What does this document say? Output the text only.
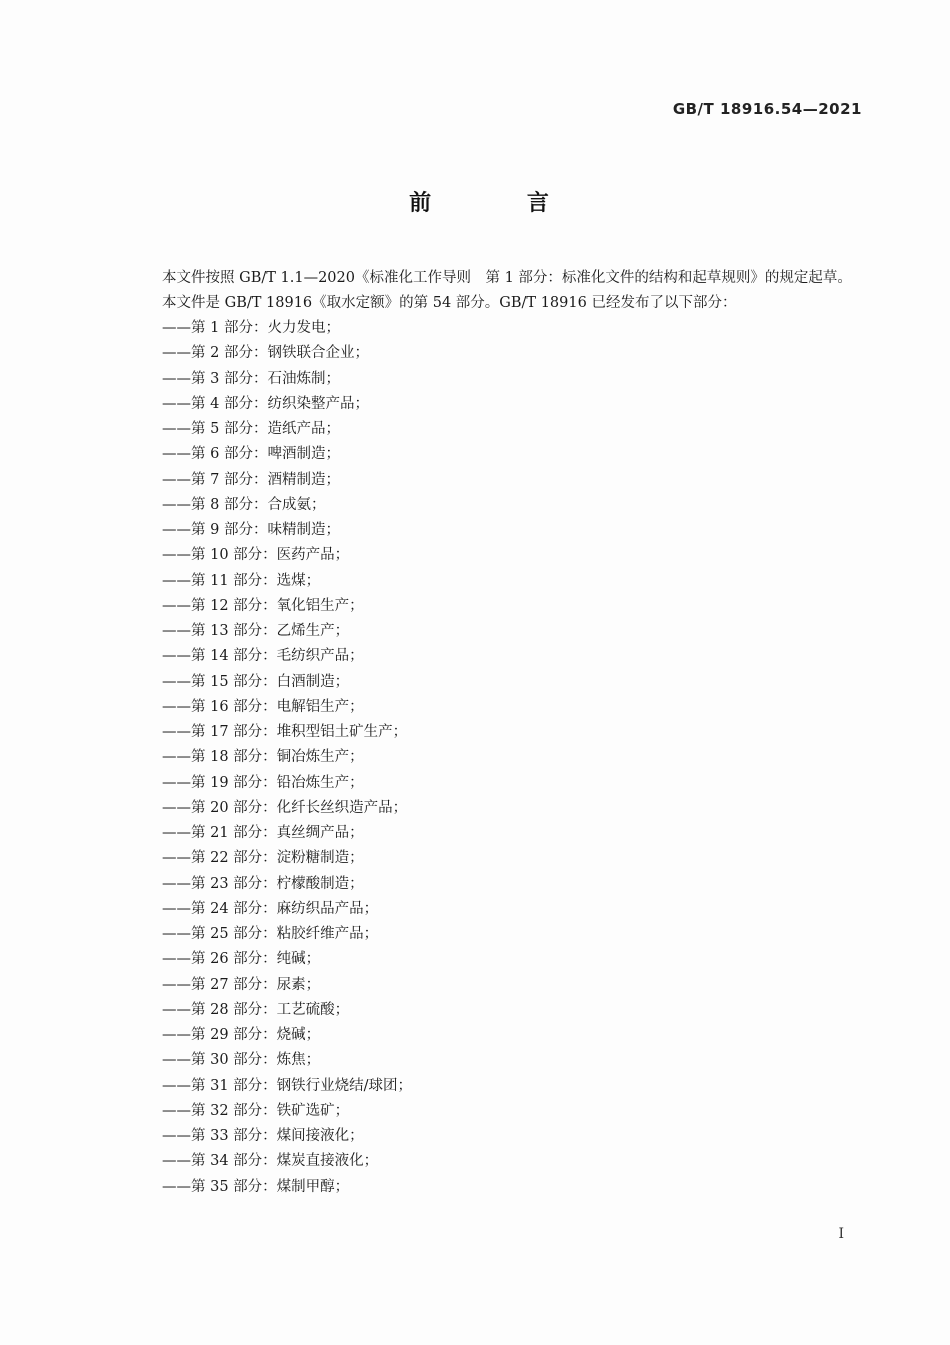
GB/T 18916.54—2021
前 言

本文件按照 GB/T 1.1—2020《标准化工作导则　第 1 部分：标准化文件的结构和起草规则》的规定起草。

本文件是 GB/T 18916《取水定额》的第 54 部分。GB/T 18916 已经发布了以下部分：

——第 1 部分：火力发电；
——第 2 部分：钢铁联合企业；
——第 3 部分：石油炼制；
——第 4 部分：纺织染整产品；
——第 5 部分：造纸产品；
——第 6 部分：啤酒制造；
——第 7 部分：酒精制造；
——第 8 部分：合成氨；
——第 9 部分：味精制造；
——第 10 部分：医药产品；
——第 11 部分：选煤；
——第 12 部分：氧化铝生产；
——第 13 部分：乙烯生产；
——第 14 部分：毛纺织产品；
——第 15 部分：白酒制造；
——第 16 部分：电解铝生产；
——第 17 部分：堆积型铝土矿生产；
——第 18 部分：铜冶炼生产；
——第 19 部分：铅冶炼生产；
——第 20 部分：化纤长丝织造产品；
——第 21 部分：真丝绸产品；
——第 22 部分：淀粉糖制造；
——第 23 部分：柠檬酸制造；
——第 24 部分：麻纺织品产品；
——第 25 部分：粘胶纤维产品；
——第 26 部分：纯碱；
——第 27 部分：尿素；
——第 28 部分：工艺硫酸；
——第 29 部分：烧碱；
——第 30 部分：炼焦；
——第 31 部分：钢铁行业烧结/球团；
——第 32 部分：铁矿选矿；
——第 33 部分：煤间接液化；
——第 34 部分：煤炭直接液化；
——第 35 部分：煤制甲醇；
I
